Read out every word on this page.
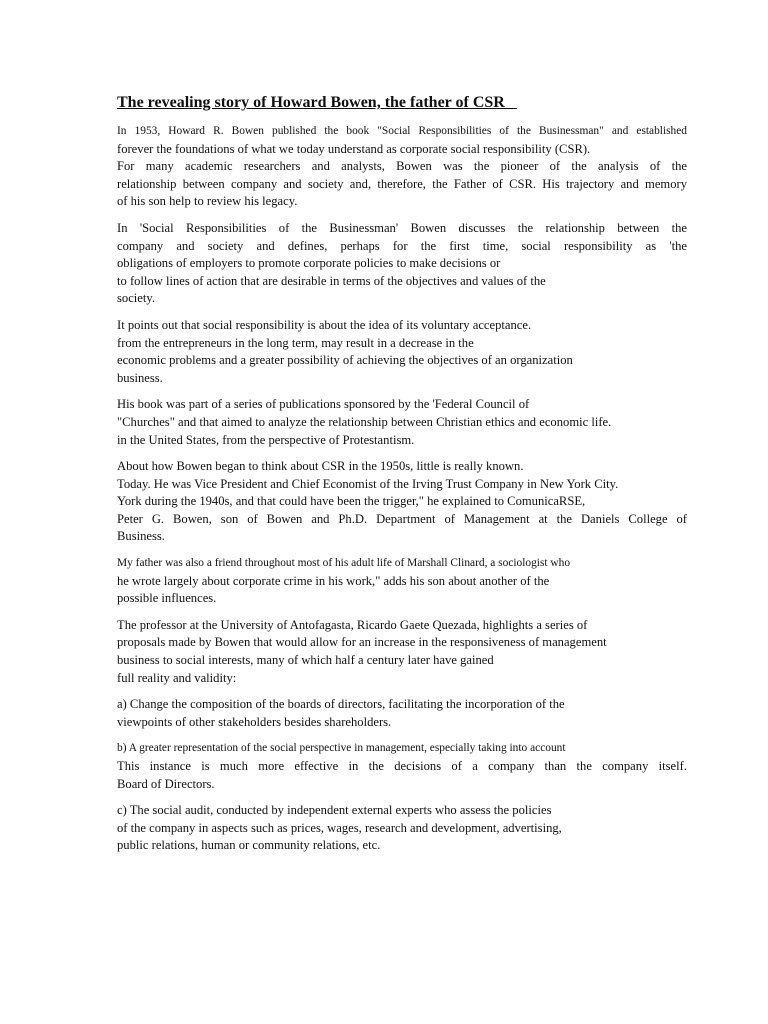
The revealing story of Howard Bowen, the father of CSR
In 1953, Howard R. Bowen published the book "Social Responsibilities of the Businessman" and established
forever the foundations of what we today understand as corporate social responsibility (CSR).
For many academic researchers and analysts, Bowen was the pioneer of the analysis of the
relationship between company and society and, therefore, the Father of CSR. His trajectory and memory
of his son help to review his legacy.
In 'Social Responsibilities of the Businessman' Bowen discusses the relationship between the
company and society and defines, perhaps for the first time, social responsibility as 'the
obligations of employers to promote corporate policies to make decisions or
to follow lines of action that are desirable in terms of the objectives and values of the
society.
It points out that social responsibility is about the idea of its voluntary acceptance.
from the entrepreneurs in the long term, may result in a decrease in the
economic problems and a greater possibility of achieving the objectives of an organization
business.
His book was part of a series of publications sponsored by the 'Federal Council of
"Churches" and that aimed to analyze the relationship between Christian ethics and economic life.
in the United States, from the perspective of Protestantism.
About how Bowen began to think about CSR in the 1950s, little is really known.
Today. He was Vice President and Chief Economist of the Irving Trust Company in New York City.
York during the 1940s, and that could have been the trigger," he explained to ComunicaRSE,
Peter G. Bowen, son of Bowen and Ph.D. Department of Management at the Daniels College of
Business.
My father was also a friend throughout most of his adult life of Marshall Clinard, a sociologist who
he wrote largely about corporate crime in his work," adds his son about another of the
possible influences.
The professor at the University of Antofagasta, Ricardo Gaete Quezada, highlights a series of
proposals made by Bowen that would allow for an increase in the responsiveness of management
business to social interests, many of which half a century later have gained
full reality and validity:
a) Change the composition of the boards of directors, facilitating the incorporation of the
viewpoints of other stakeholders besides shareholders.
b) A greater representation of the social perspective in management, especially taking into account
This instance is much more effective in the decisions of a company than the company itself.
Board of Directors.
c) The social audit, conducted by independent external experts who assess the policies
of the company in aspects such as prices, wages, research and development, advertising,
public relations, human or community relations, etc.
